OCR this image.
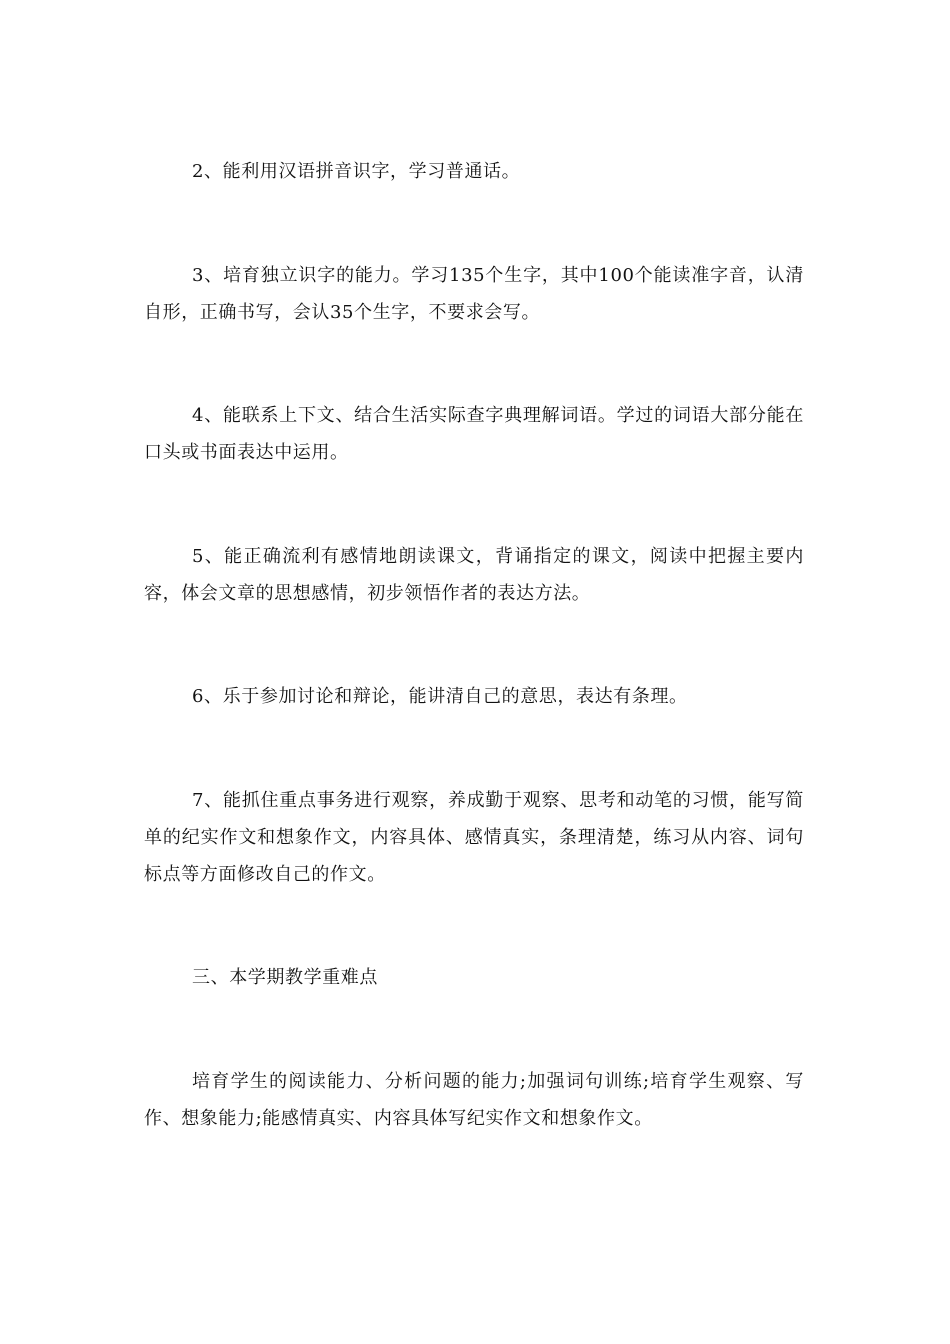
2、能利用汉语拼音识字，学习普通话。

3、培育独立识字的能力。学习135个生字，其中100个能读准字音，认清自形，正确书写，会认35个生字，不要求会写。

4、能联系上下文、结合生活实际查字典理解词语。学过的词语大部分能在口头或书面表达中运用。

5、能正确流利有感情地朗读课文，背诵指定的课文，阅读中把握主要内容，体会文章的思想感情，初步领悟作者的表达方法。

6、乐于参加讨论和辩论，能讲清自己的意思，表达有条理。

7、能抓住重点事务进行观察，养成勤于观察、思考和动笔的习惯，能写简单的纪实作文和想象作文，内容具体、感情真实，条理清楚，练习从内容、词句标点等方面修改自己的作文。

三、本学期教学重难点

培育学生的阅读能力、分析问题的能力;加强词句训练;培育学生观察、写作、想象能力;能感情真实、内容具体写纪实作文和想象作文。
